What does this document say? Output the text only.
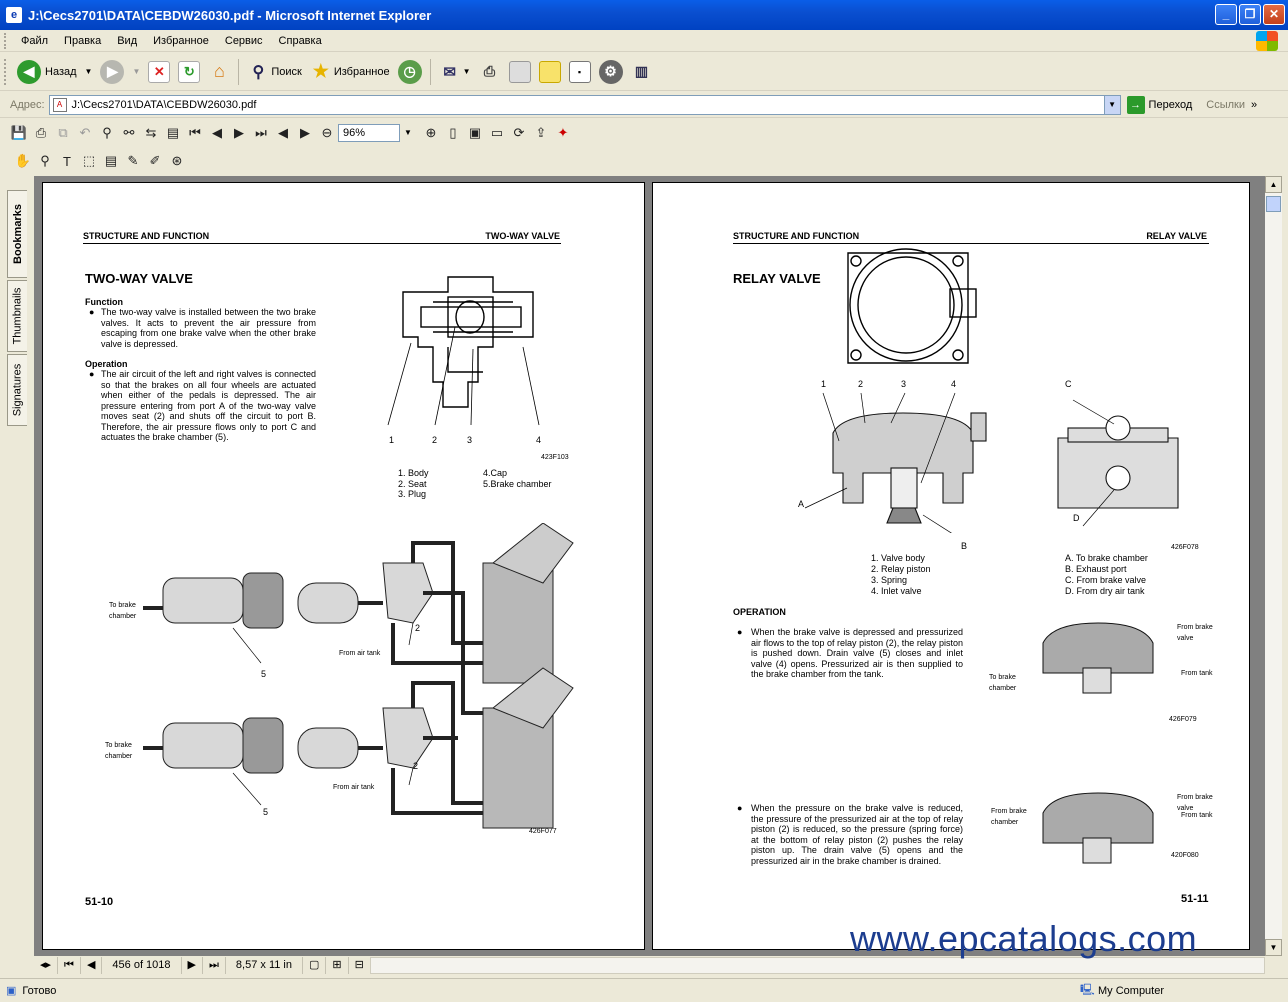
e J:\Cecs2701\DATA\CEBDW26030.pdf - Microsoft Internet Explorer	_	❐	✕
Файл	Правка	Вид	Избранное	Сервис	Справка
◀ Назад ▼	▶	▼	✕	↻	⌂	⚲ Поиск ★ Избранное ◷	✉ ▼ ⎙	▪	⚙	▥
Адрес:	A J:\Cecs2701\DATA\CEBDW26030.pdf	▼	→ Переход Ссылки »
💾 ⎙ ⧉ ↶ ⚲ ⚯ ⇆ ▤ ⏮ ◀ ▶ ⏭ ◀ ▶ ⊖ 96%	▼	⊕ ▯ ▣ ▭ ⟳ ⇪ ✦
✋ ⚲	T ⬚ ▤ ✎ ✐ ⊛
Bookmarks
Thumbnails
Signatures
STRUCTURE AND FUNCTION	TWO-WAY VALVE
TWO-WAY VALVE
Function
The two-way valve is installed between the two brake valves. It acts to prevent the air pressure from escaping from one brake valve when the other brake valve is depressed.
●
Operation
The air circuit of the left and right valves is connected so that the brakes on all four wheels are actuated when either of the pedals is depressed. The air pressure entering from port A of the two-way valve moves seat (2) and shuts off the circuit to port B. Therefore, the air pressure flows only to port C and actuates the brake chamber (5).
●
1	2	3	4
423F103
1. Body
2. Seat
3. Plug
4.Cap
5.Brake chamber
To brake chamber
To brake chamber
From air tank
From air tank
5
5
2
2
426F077
51-10
STRUCTURE AND FUNCTION	RELAY VALVE
RELAY VALVE
1	2	3	4
A
B
C
D
426F078
1. Valve body
2. Relay piston
3. Spring
4. Inlet valve
A. To brake chamber
B. Exhaust port
C. From brake valve
D. From dry air tank
OPERATION
● When the brake valve is depressed and pressurized air flows to the top of relay piston (2), the relay piston is pushed down. Drain valve (5) closes and inlet valve (4) opens. Pressurized air is then supplied to the brake chamber from the tank.
● When the pressure on the brake valve is reduced, the pressure of the pressurized air at the top of relay piston (2) is reduced, so the pressure (spring force) at the bottom of relay piston (2) pushes the relay piston up. The drain valve (5) opens and the pressurized air in the brake chamber is drained.
From brake valve
From tank
To brake chamber
426F079
From brake valve
From tank
From brake chamber
420F080
51-11
▲
▼
◂▸	⏮	◀	456 of 1018	▶	⏭	8,57 x 11 in	▢	⊞	⊟
www.epcatalogs.com
▣ Готово	🖳 My Computer
